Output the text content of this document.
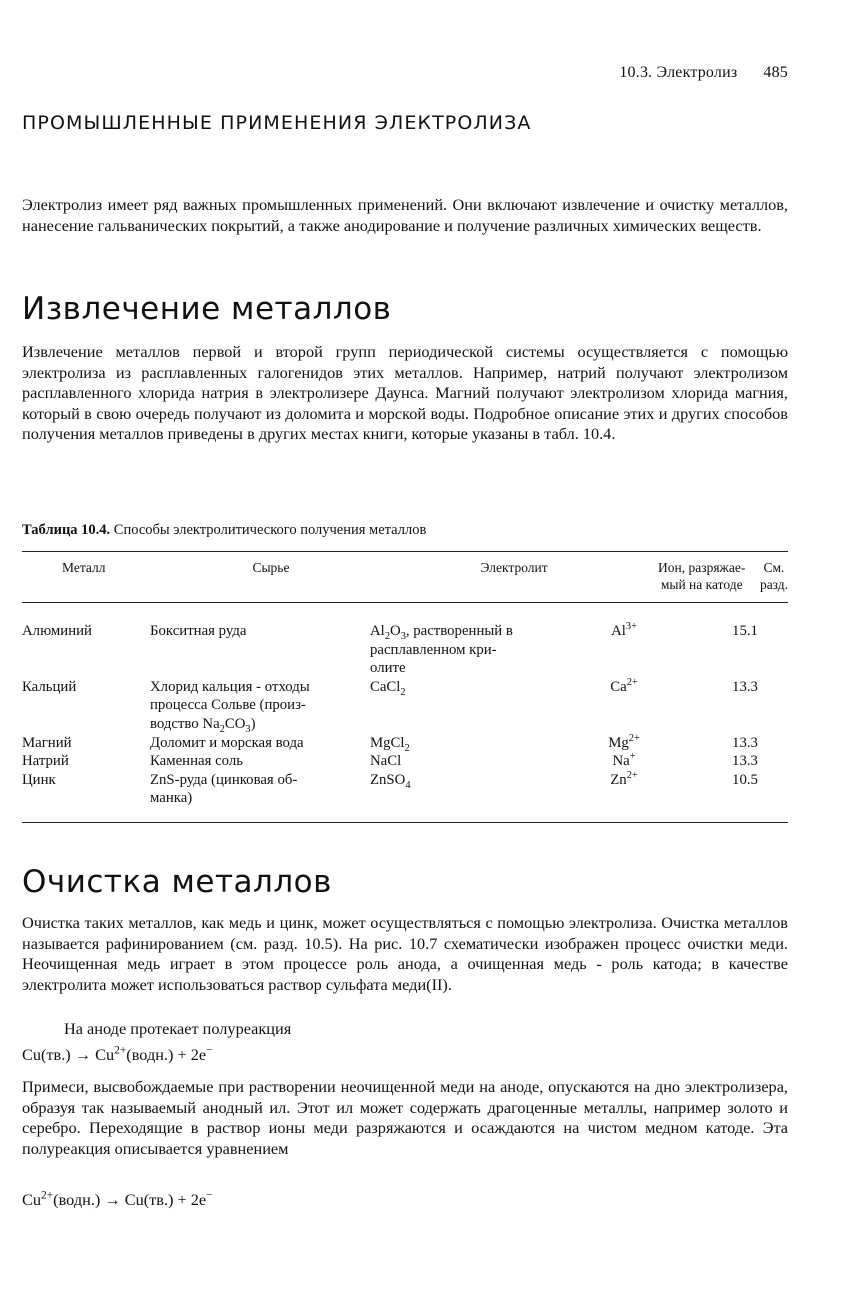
10.3. Электролиз 485
ПРОМЫШЛЕННЫЕ ПРИМЕНЕНИЯ ЭЛЕКТРОЛИЗА

Электролиз имеет ряд важных промышленных применений. Они включают извлечение и очистку металлов, нанесение гальванических покрытий, а также анодирование и получение различных химических веществ.

Извлечение металлов

Извлечение металлов первой и второй групп периодической системы осуществляется с помощью электролиза из расплавленных галогенидов этих металлов. Например, натрий получают электролизом расплавленного хлорида натрия в электролизере Даунса. Магний получают электролизом хлорида магния, который в свою очередь получают из доломита и морской воды. Подробное описание этих и других способов получения металлов приведены в других местах книги, которые указаны в табл. 10.4.

Таблица 10.4. Способы электролитического получения металлов
Металл	Сырье	Электролит	Ион, разряжае-
мый на катоде	См. разд.
Алюминий	Бокситная руда	$Al_2O_3$, растворенный в
расплавленном кри-
олите	$Al^{3+}$	15.1
Кальций	Хлорид кальция - отходы
процесса Сольве (произ-
водство $Na_2CO_3$)	CaCl$_2$	$Ca^{2+}$	13.3
Магний	Доломит и морская вода	MgCl$_2$	$Mg^{2+}$	13.3
Натрий	Каменная соль	NaCl	Na+	13.3
Цинк	ZnS-руда (цинковая об-
манка)	ZnSO$_4$	$Zn^{2+}$	10.5
Очистка металлов

Очистка таких металлов, как медь и цинк, может осуществляться с помощью электролиза. Очистка металлов называется рафинированием (см. разд. 10.5). На рис. 10.7 схематически изображен процесс очистки меди. Неочищенная медь играет в этом процессе роль анода, а очищенная медь - роль катода; в качестве электролита может использоваться раствор сульфата меди(II).

На аноде протекает полуреакция

$Cu(тв.) \to Cu^{2+}(водн.) + 2e^-$

Примеси, высвобождаемые при растворении неочищенной меди на аноде, опускаются на дно электролизера, образуя так называемый анодный ил. Этот ил может содержать драгоценные металлы, например золото и серебро. Переходящие в раствор ионы меди разряжаются и осаждаются на чистом медном катоде. Эта полуреакция описывается уравнением

$Cu^{2+}(водн.) \to Cu(тв.) + 2e^-$
